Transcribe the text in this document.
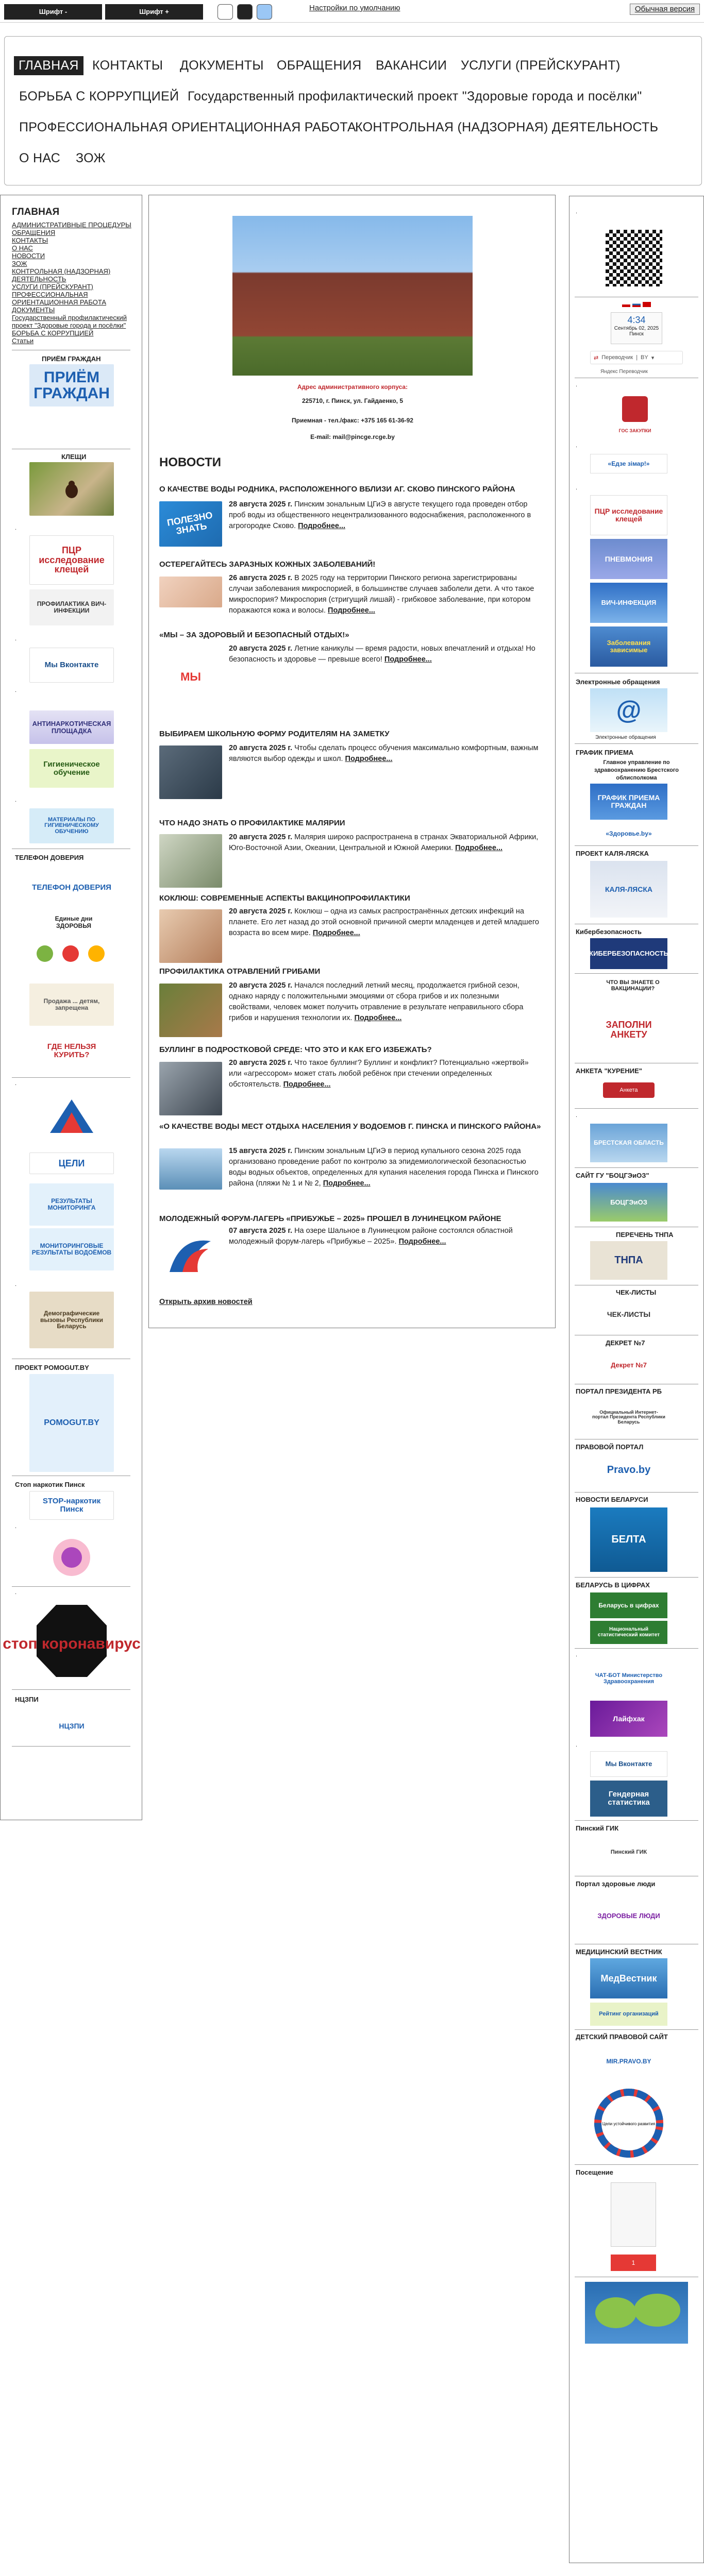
Шрифт -	Шрифт +	Настройки по умолчанию	Обычная версия
ГЛАВНАЯ	КОНТАКТЫ ДОКУМЕНТЫ ОБРАЩЕНИЯ ВАКАНСИИ УСЛУГИ (ПРЕЙСКУРАНТ)
БОРЬБА С КОРРУПЦИЕЙ Государственный профилактический проект "Здоровые города и посёлки"
ПРОФЕССИОНАЛЬНАЯ ОРИЕНТАЦИОННАЯ РАБОТА
КОНТРОЛЬНАЯ (НАДЗОРНАЯ) ДЕЯТЕЛЬНОСТЬ
О НАС ЗОЖ
ГЛАВНАЯ
АДМИНИСТРАТИВНЫЕ ПРОЦЕДУРЫ
ОБРАЩЕНИЯ
КОНТАКТЫ
О НАС
НОВОСТИ
ЗОЖ
КОНТРОЛЬНАЯ (НАДЗОРНАЯ)
ДЕЯТЕЛЬНОСТЬ
УСЛУГИ (ПРЕЙСКУРАНТ)
ПРОФЕССИОНАЛЬНАЯ
ОРИЕНТАЦИОННАЯ РАБОТА
ДОКУМЕНТЫ
Государственный профилактический
проект "Здоровые города и посёлки"
БОРЬБА С КОРРУПЦИЕЙ
Статьи
ПРИЁМ ГРАЖДАН
ПРИЁМ ГРАЖДАН
КЛЕЩИ
.
ПЦР исследование клещей
ПРОФИЛАКТИКА ВИЧ-ИНФЕКЦИИ
.
Мы Вконтакте
.
АНТИНАРКОТИЧЕСКАЯ ПЛОЩАДКА
Гигиеническое обучение
.
МАТЕРИАЛЫ ПО ГИГИЕНИЧЕСКОМУ ОБУЧЕНИЮ
ТЕЛЕФОН ДОВЕРИЯ
ТЕЛЕФОН ДОВЕРИЯ
Единые дни ЗДОРОВЬЯ
Продажа ... детям, запрещена
ГДЕ НЕЛЬЗЯ КУРИТЬ?
.
ЦЕЛИ
РЕЗУЛЬТАТЫ МОНИТОРИНГА
МОНИТОРИНГОВЫЕ РЕЗУЛЬТАТЫ ВОДОЁМОВ
.
Демографические вызовы Республики Беларусь
ПРОЕКТ POMOGUT.BY
POMOGUT.BY
Стоп наркотик Пинск
STOP-наркотик Пинск
.
.
стоп коронавирус
НЦЗПИ
НЦЗПИ
Адрес административного корпуса:
225710, г. Пинск, ул. Гайдаенко, 5
Приемная - тел./факс: +375 165 61-36-92
E-mail: mail@pincge.rcge.by
НОВОСТИ
О КАЧЕСТВЕ ВОДЫ РОДНИКА, РАСПОЛОЖЕННОГО ВБЛИЗИ АГ. СКОВО ПИНСКОГО РАЙОНА
ПОЛЕЗНО ЗНАТЬ
28 августа 2025 г. Пинским зональным ЦГиЭ в августе текущего года проведен отбор проб воды из общественного нецентрализованного водоснабжения, расположенного в агрогородке Сково. Подробнее...
ОСТЕРЕГАЙТЕСЬ ЗАРАЗНЫХ КОЖНЫХ ЗАБОЛЕВАНИЙ!
26 августа 2025 г. В 2025 году на территории Пинского региона зарегистрированы случаи заболевания микроспорией, в большинстве случаев заболели дети. А что такое микроспория? Микроспория (стригущий лишай) - грибковое заболевание, при котором поражаются кожа и волосы. Подробнее...
«МЫ – ЗА ЗДОРОВЫЙ И БЕЗОПАСНЫЙ ОТДЫХ!»
МЫ
20 августа 2025 г. Летние каникулы — время радости, новых впечатлений и отдыха! Но безопасность и здоровье — превыше всего! Подробнее...
ВЫБИРАЕМ ШКОЛЬНУЮ ФОРМУ РОДИТЕЛЯМ НА ЗАМЕТКУ
20 августа 2025 г. Чтобы сделать процесс обучения максимально комфортным, важным являются выбор одежды и школ. Подробнее...
ЧТО НАДО ЗНАТЬ О ПРОФИЛАКТИКЕ МАЛЯРИИ
20 августа 2025 г. Малярия широко распространена в странах Экваториальной Африки, Юго-Восточной Азии, Океании, Центральной и Южной Америки. Подробнее...
КОКЛЮШ: СОВРЕМЕННЫЕ АСПЕКТЫ ВАКЦИНОПРОФИЛАКТИКИ
20 августа 2025 г. Коклюш – одна из самых распространённых детских инфекций на планете. Его лет назад до этой основной причиной смерти младенцев и детей младшего возраста во всем мире. Подробнее...
ПРОФИЛАКТИКА ОТРАВЛЕНИЙ ГРИБАМИ
20 августа 2025 г. Начался последний летний месяц, продолжается грибной сезон, однако наряду с положительными эмоциями от сбора грибов и их полезными свойствами, человек может получить отравление в результате неправильного сбора грибов и нарушения технологии их. Подробнее...
БУЛЛИНГ В ПОДРОСТКОВОЙ СРЕДЕ: ЧТО ЭТО И КАК ЕГО ИЗБЕЖАТЬ?
20 августа 2025 г. Что такое буллинг? Буллинг и конфликт? Потенциально «жертвой» или «агрессором» может стать любой ребёнок при стечении определенных обстоятельств. Подробнее...
«О КАЧЕСТВЕ ВОДЫ МЕСТ ОТДЫХА НАСЕЛЕНИЯ У ВОДОЕМОВ Г. ПИНСКА И ПИНСКОГО РАЙОНА»
15 августа 2025 г. Пинским зональным ЦГиЭ в период купального сезона 2025 года организовано проведение работ по контролю за эпидемиологической безопасностью воды водных объектов, определенных для купания населения города Пинска и Пинского района (пляжи № 1 и № 2, Подробнее...
МОЛОДЕЖНЫЙ ФОРУМ-ЛАГЕРЬ «ПРИБУЖЬЕ – 2025» ПРОШЕЛ В ЛУНИНЕЦКОМ РАЙОНЕ
07 августа 2025 г. На озере Шальное в Лунинецком районе состоялся областной молодежный форум-лагерь «Прибужье – 2025». Подробнее...
Открыть архив новостей
.
4:34
Сентябрь 02, 2025
Пинск
⇄ Переводчик | BY ▾
Яндекс Переводчик
.
ГОС ЗАКУПКИ
.
«Едзе зімар!»
.
ПЦР исследование клещей
ПНЕВМОНИЯ
ВИЧ-ИНФЕКЦИЯ
Заболевания зависимые
Электронные обращения
@
Электронные обращения
ГРАФИК ПРИЕМА
Главное управление по здравоохранению Брестского облисполкома
ГРАФИК ПРИЕМА ГРАЖДАН
«Здоровье.by»
ПРОЕКТ КАЛЯ-ЛЯСКА
КАЛЯ-ЛЯСКА
Кибербезопасность
КИБЕРБЕЗОПАСНОСТЬ
ЧТО ВЫ ЗНАЕТЕ О ВАКЦИНАЦИИ?
ЗАПОЛНИ АНКЕТУ
АНКЕТА "КУРЕНИЕ"
Анкета
.
БРЕСТСКАЯ ОБЛАСТЬ
САЙТ ГУ "БОЦГЭиОЗ"
БОЦГЭиОЗ
ПЕРЕЧЕНЬ ТНПА
ТНПА
ЧЕК-ЛИСТЫ
ЧЕК-ЛИСТЫ
ДЕКРЕТ №7
Декрет №7
ПОРТАЛ ПРЕЗИДЕНТА РБ
Официальный Интернет-портал Президента Республики Беларусь
ПРАВОВОЙ ПОРТАЛ
Pravo.by
НОВОСТИ БЕЛАРУСИ
БЕЛТА
БЕЛАРУСЬ В ЦИФРАХ
Беларусь в цифрах
Национальный статистический комитет
.
ЧАТ-БОТ Министерство Здравоохранения
Лайфхак
.
Мы Вконтакте
Гендерная статистика
Пинский ГИК
Пинский ГИК
Портал здоровые люди
ЗДОРОВЫЕ ЛЮДИ
МЕДИЦИНСКИЙ ВЕСТНИК
МедВестник
Рейтинг организаций
ДЕТСКИЙ ПРАВОВОЙ САЙТ
MIR.PRAVO.BY
Цели устойчивого развития
Посещение
1
